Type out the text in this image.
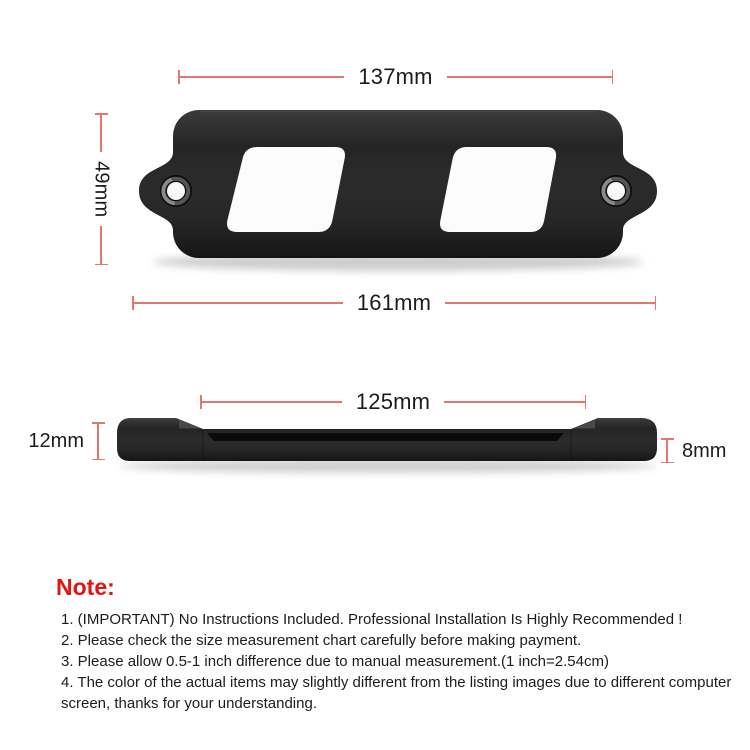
137mm
49mm
161mm
125mm
12mm	8mm
Note:

1. (IMPORTANT) No Instructions Included. Professional Installation Is Highly Recommended !

2. Please check the size measurement chart carefully before making payment.

3. Please allow 0.5-1 inch difference due to manual measurement.(1 inch=2.54cm)

4. The color of the actual items may slightly different from the listing images due to different computer screen, thanks for your understanding.
